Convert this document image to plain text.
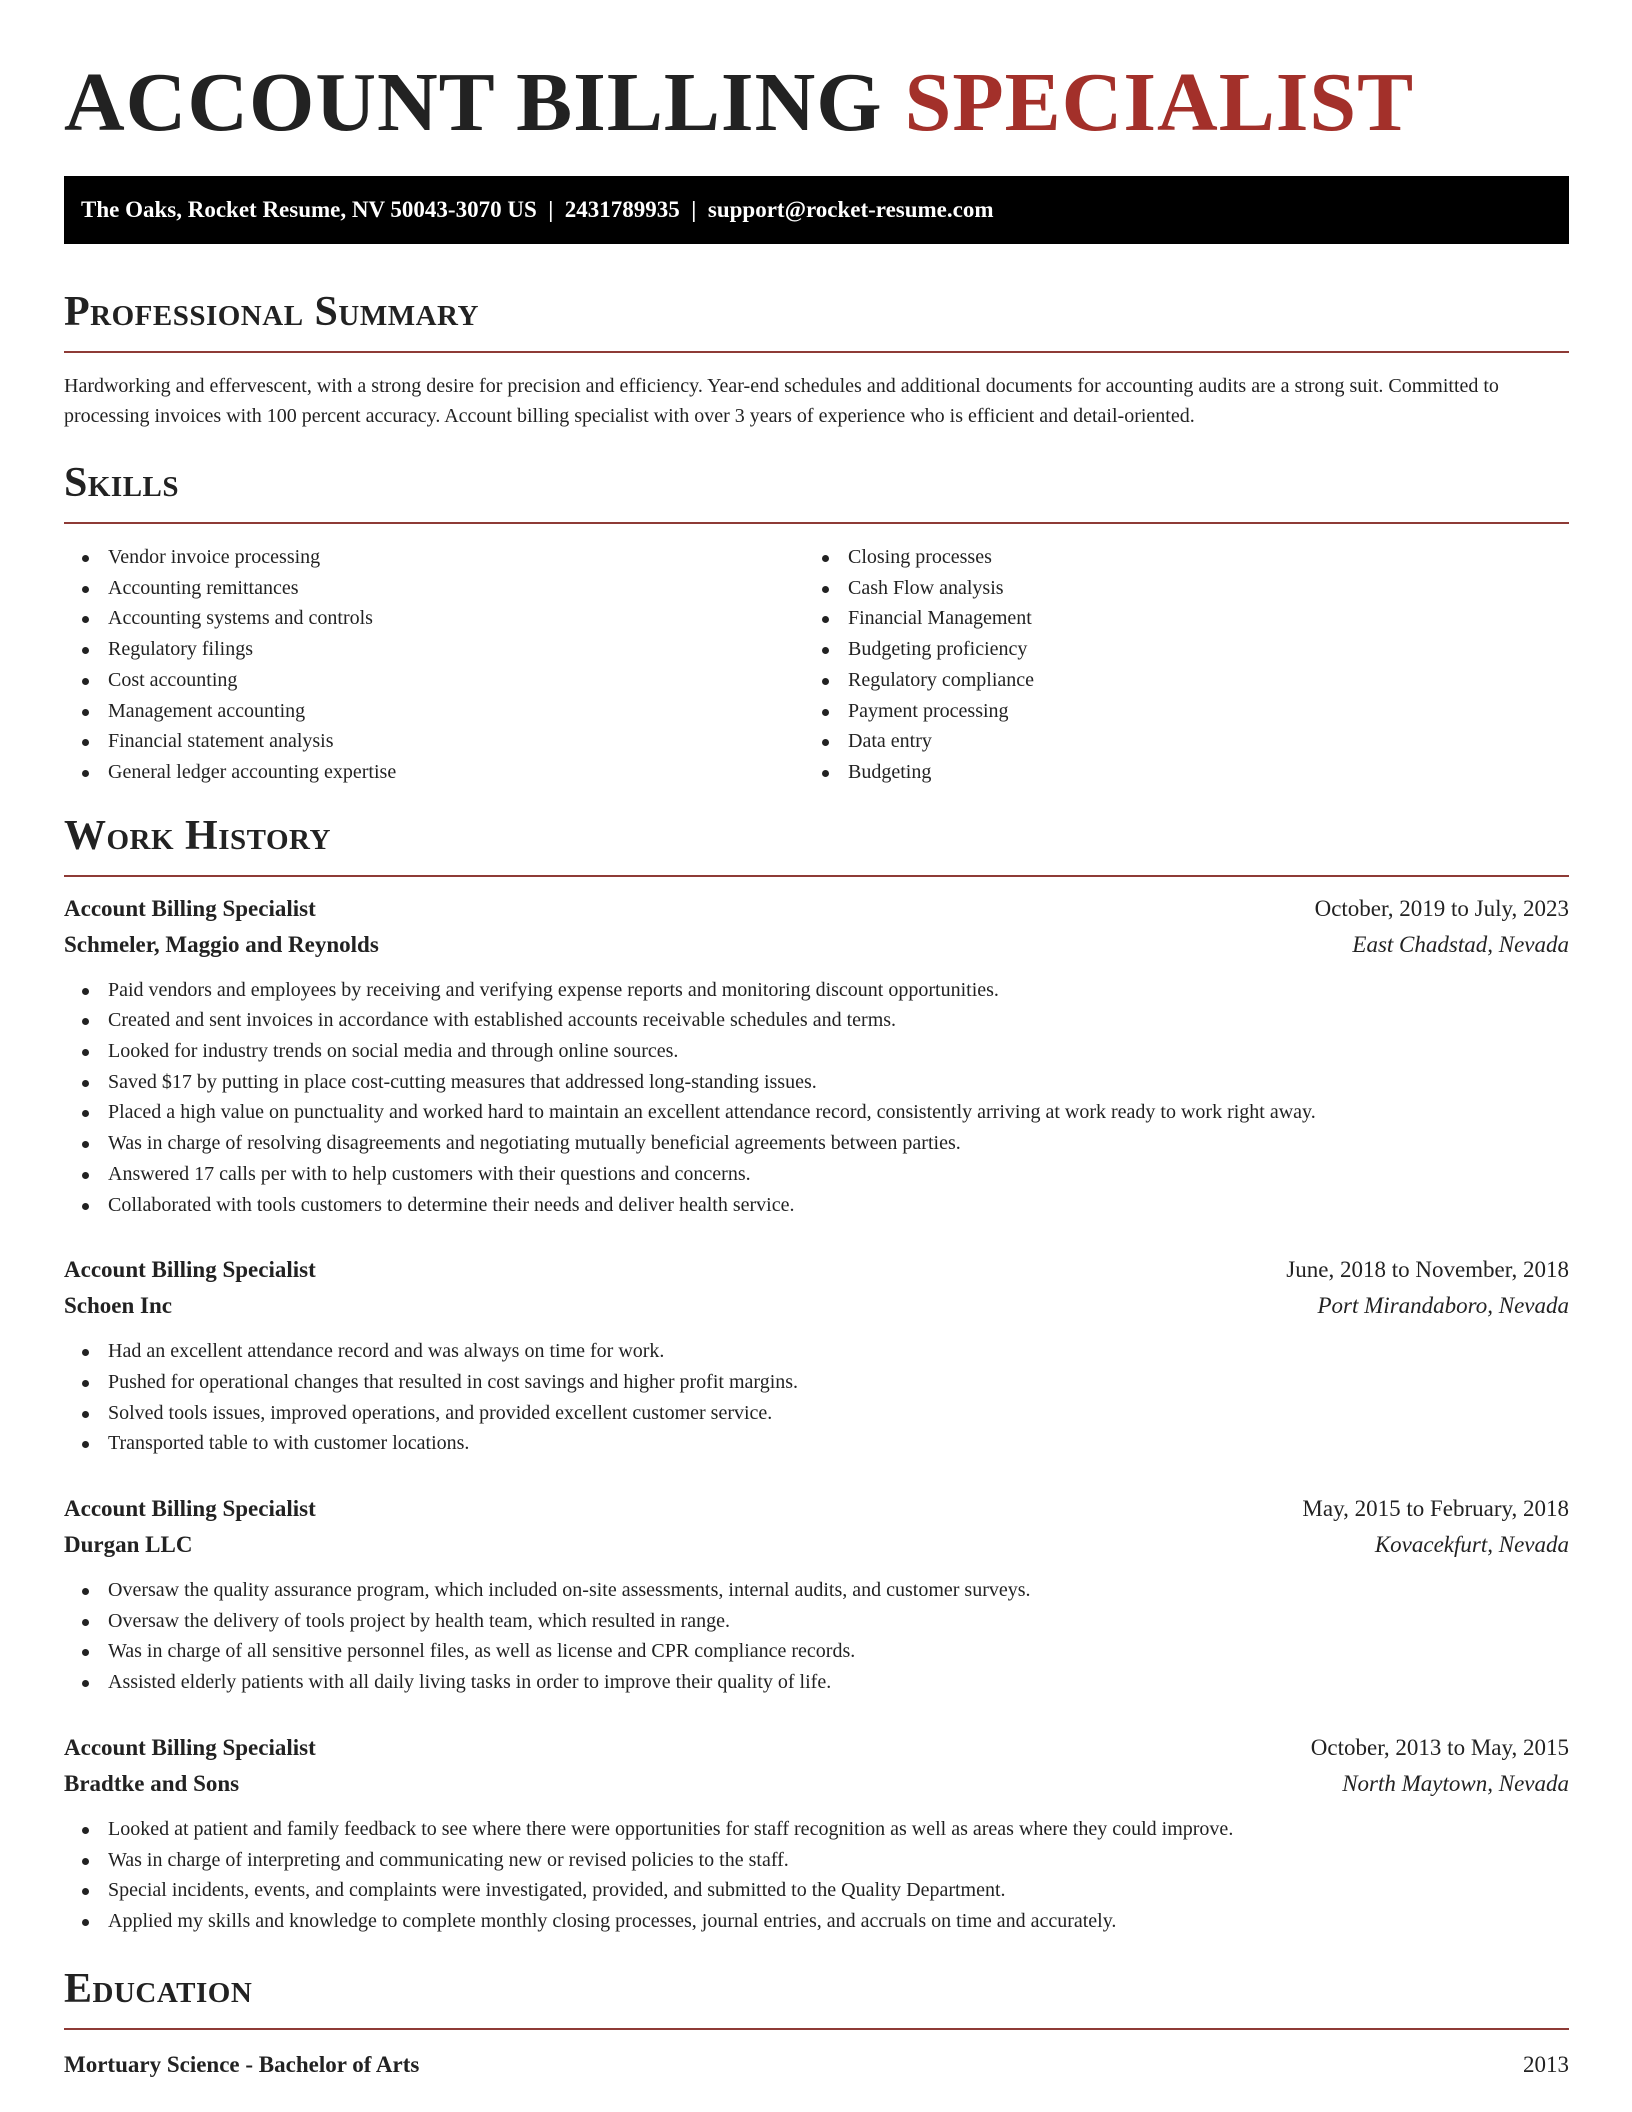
ACCOUNT BILLING SPECIALIST
The Oaks, Rocket Resume, NV 50043-3070 US  |  2431789935  |  support@rocket-resume.com
Professional Summary
Hardworking and effervescent, with a strong desire for precision and efficiency. Year-end schedules and additional documents for accounting audits are a strong suit. Committed to processing invoices with 100 percent accuracy. Account billing specialist with over 3 years of experience who is efficient and detail-oriented.
Skills
Vendor invoice processing
Accounting remittances
Accounting systems and controls
Regulatory filings
Cost accounting
Management accounting
Financial statement analysis
General ledger accounting expertise
Closing processes
Cash Flow analysis
Financial Management
Budgeting proficiency
Regulatory compliance
Payment processing
Data entry
Budgeting
Work History
Account Billing Specialist	October, 2019 to July, 2023
Schmeler, Maggio and Reynolds	East Chadstad, Nevada
Paid vendors and employees by receiving and verifying expense reports and monitoring discount opportunities.
Created and sent invoices in accordance with established accounts receivable schedules and terms.
Looked for industry trends on social media and through online sources.
Saved $17 by putting in place cost-cutting measures that addressed long-standing issues.
Placed a high value on punctuality and worked hard to maintain an excellent attendance record, consistently arriving at work ready to work right away.
Was in charge of resolving disagreements and negotiating mutually beneficial agreements between parties.
Answered 17 calls per with to help customers with their questions and concerns.
Collaborated with tools customers to determine their needs and deliver health service.
Account Billing Specialist	June, 2018 to November, 2018
Schoen Inc	Port Mirandaboro, Nevada
Had an excellent attendance record and was always on time for work.
Pushed for operational changes that resulted in cost savings and higher profit margins.
Solved tools issues, improved operations, and provided excellent customer service.
Transported table to with customer locations.
Account Billing Specialist	May, 2015 to February, 2018
Durgan LLC	Kovacekfurt, Nevada
Oversaw the quality assurance program, which included on-site assessments, internal audits, and customer surveys.
Oversaw the delivery of tools project by health team, which resulted in range.
Was in charge of all sensitive personnel files, as well as license and CPR compliance records.
Assisted elderly patients with all daily living tasks in order to improve their quality of life.
Account Billing Specialist	October, 2013 to May, 2015
Bradtke and Sons	North Maytown, Nevada
Looked at patient and family feedback to see where there were opportunities for staff recognition as well as areas where they could improve.
Was in charge of interpreting and communicating new or revised policies to the staff.
Special incidents, events, and complaints were investigated, provided, and submitted to the Quality Department.
Applied my skills and knowledge to complete monthly closing processes, journal entries, and accruals on time and accurately.
Education
Mortuary Science - Bachelor of Arts	2013
